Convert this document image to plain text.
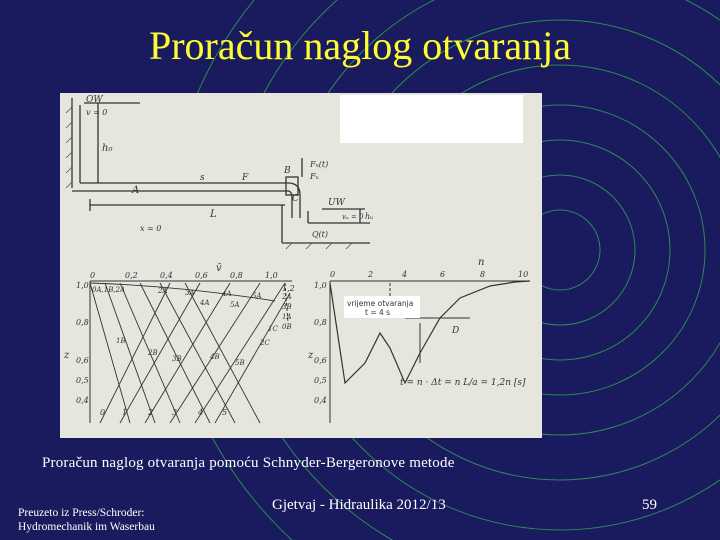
Proračun naglog otvaranja
OW
v = 0
h₀
A
s	F
B
Fₙ(t)
Fₙ
C	UW
vᵤ = 0 hᵤ
x = 0
L
Q(t)
v̄
z
0	0,2	0,4	0,6	0,8	1,0
1,2
1,0
0,8
0,6
0,5
0,4
0A,1B,2A	2A 3A	4A	5A
4A	5A
2A
3B
1A
0B
1B
2B
3B	4B
5B
1C
2C
0 1	2 3	4 5
n
z
0	2	4	6	8	10
1,0
0,8
0,6
0,5
0,4
D
t = n · Δt = n L/a = 1,2n [s]
vrijeme otvaranja
t = 4 s
Proračun naglog otvaranja pomoću Schnyder-Bergeronove metode
Preuzeto iz Press/Schroder:
Hydromechanik im Waserbau
Gjetvaj - Hidraulika 2012/13	59
